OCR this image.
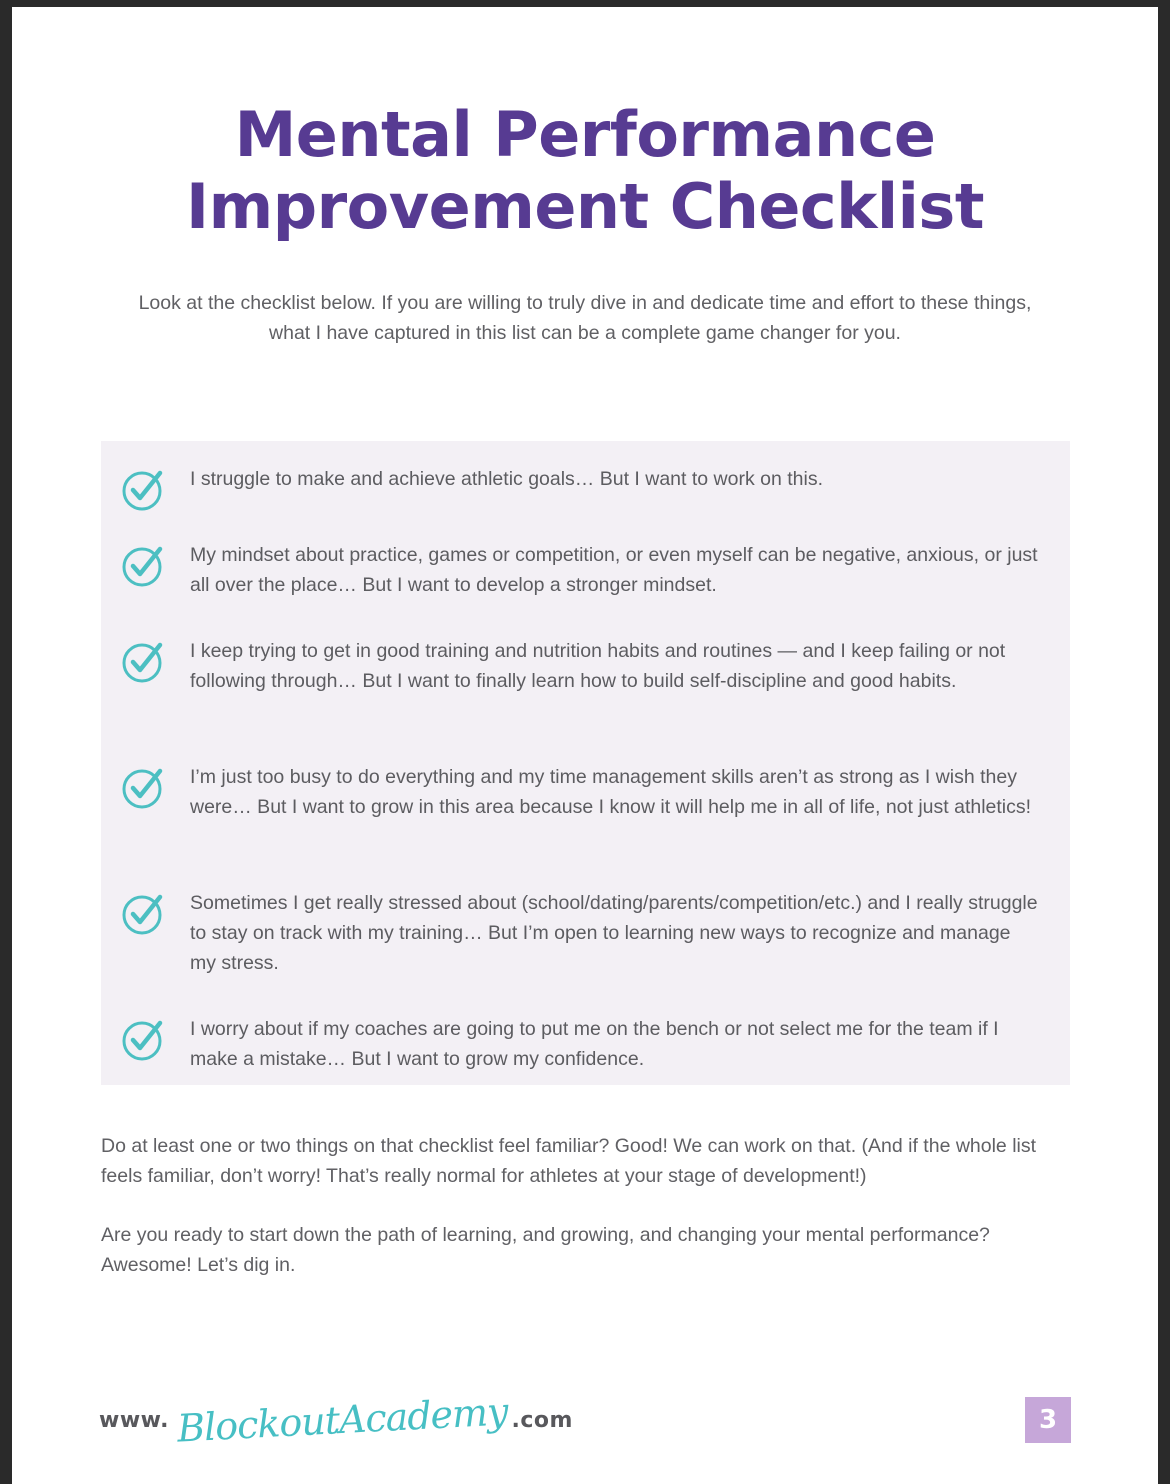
Mental Performance
Improvement Checklist
Look at the checklist below. If you are willing to truly dive in and dedicate time and effort to these things, what I have captured in this list can be a complete game changer for you.
I struggle to make and achieve athletic goals… But I want to work on this.
My mindset about practice, games or competition, or even myself can be negative, anxious, or just all over the place… But I want to develop a stronger mindset.
I keep trying to get in good training and nutrition habits and routines — and I keep failing or not following through… But I want to finally learn how to build self-discipline and good habits.
I’m just too busy to do everything and my time management skills aren’t as strong as I wish they were… But I want to grow in this area because I know it will help me in all of life, not just athletics!
Sometimes I get really stressed about (school/dating/parents/competition/etc.) and I really struggle to stay on track with my training… But I’m open to learning new ways to recognize and manage my stress.
I worry about if my coaches are going to put me on the bench or not select me for the team if I make a mistake… But I want to grow my confidence.
Do at least one or two things on that checklist feel familiar? Good! We can work on that. (And if the whole list feels familiar, don’t worry! That’s really normal for athletes at your stage of development!)
Are you ready to start down the path of learning, and growing, and changing your mental performance? Awesome! Let’s dig in.
www. BlockoutAcademy .com	3
